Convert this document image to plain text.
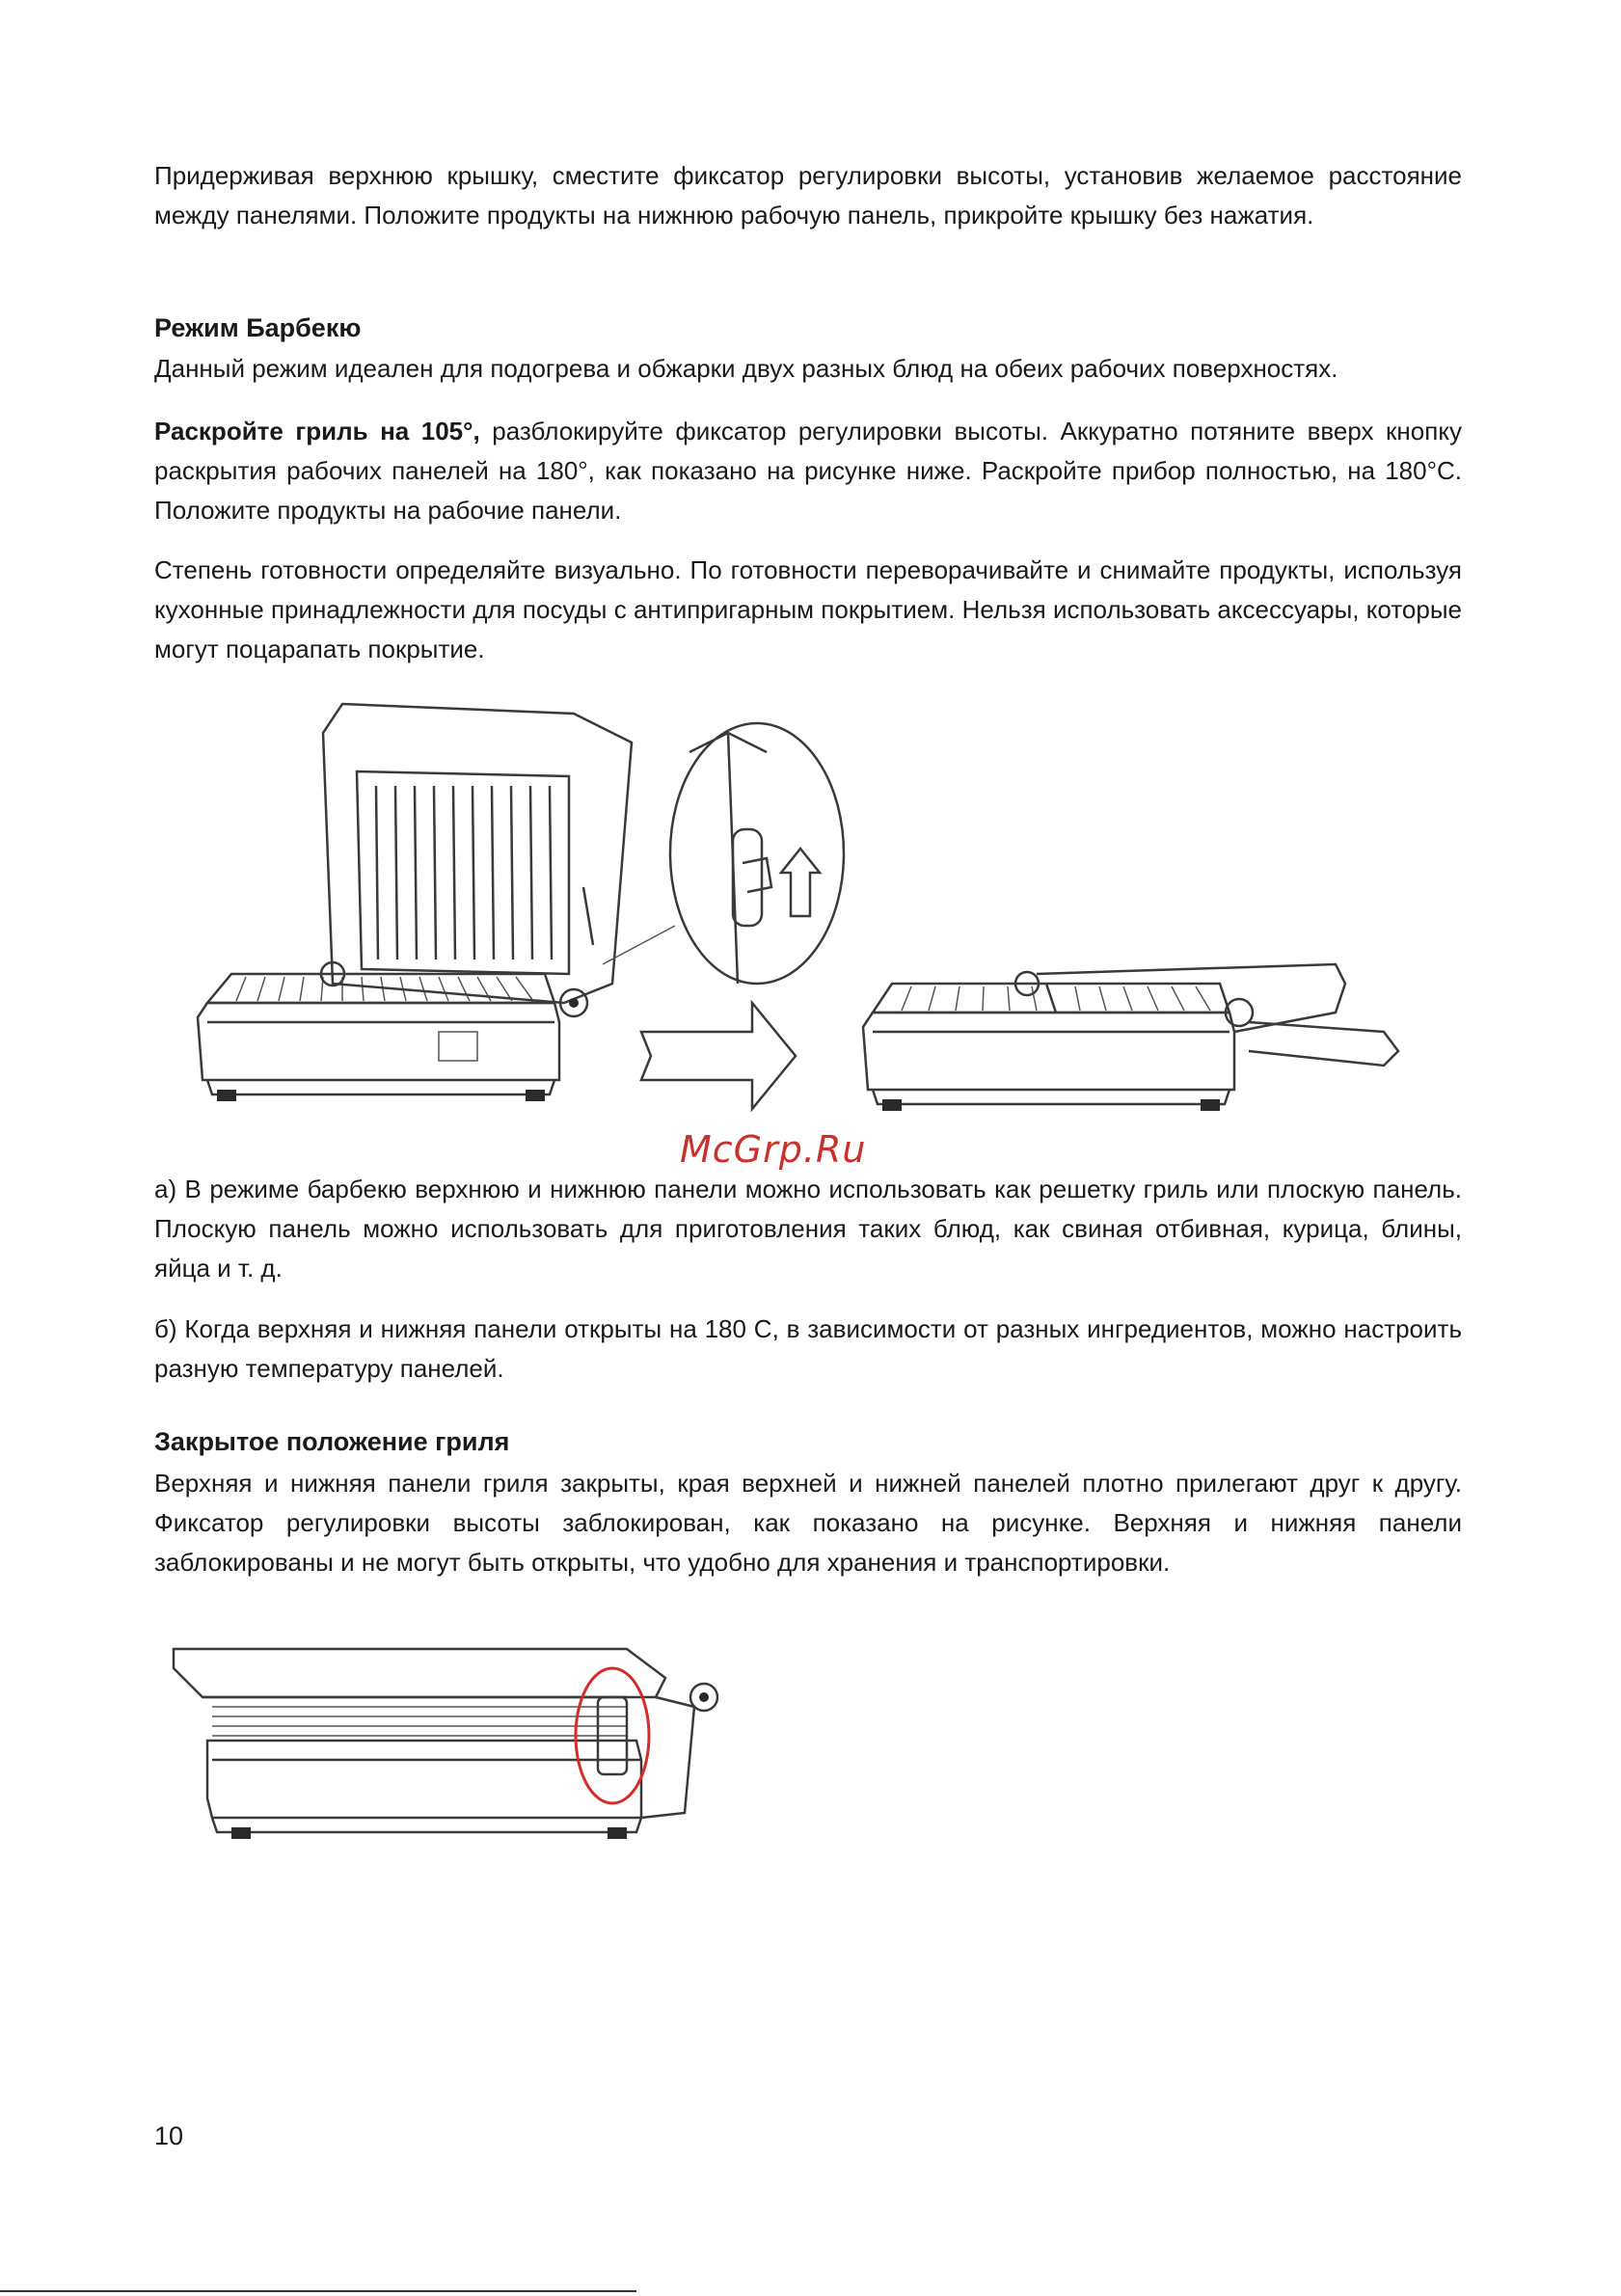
Придерживая верхнюю крышку, сместите фиксатор регулировки высоты, установив желаемое расстояние между панелями. Положите продукты на нижнюю рабочую панель, прикройте крышку без нажатия.

Режим Барбекю

Данный режим идеален для подогрева и обжарки двух разных блюд на обеих рабочих поверхностях.

Раскройте гриль на 105°, разблокируйте фиксатор регулировки высоты. Аккуратно потяните вверх кнопку раскрытия рабочих панелей на 180°, как показано на рисунке ниже. Раскройте прибор полностью, на 180°С. Положите продукты на рабочие панели.

Степень готовности определяйте визуально. По готовности переворачивайте и снимайте продукты, используя кухонные принадлежности для посуды с антипригарным покрытием. Нельзя использовать аксессуары, которые могут поцарапать покрытие.

McGrp.Ru

а) В режиме барбекю верхнюю и нижнюю панели можно использовать как решетку гриль или плоскую панель. Плоскую панель можно использовать для приготовления таких блюд, как свиная отбивная, курица, блины, яйца и т. д.

б) Когда верхняя и нижняя панели открыты на 180 С, в зависимости от разных ингредиентов, можно настроить разную температуру панелей.

Закрытое положение гриля

Верхняя и нижняя панели гриля закрыты, края верхней и нижней панелей плотно прилегают друг к другу. Фиксатор регулировки высоты заблокирован, как показано на рисунке. Верхняя и нижняя панели заблокированы и не могут быть открыты, что удобно для хранения и транспортировки.

10
